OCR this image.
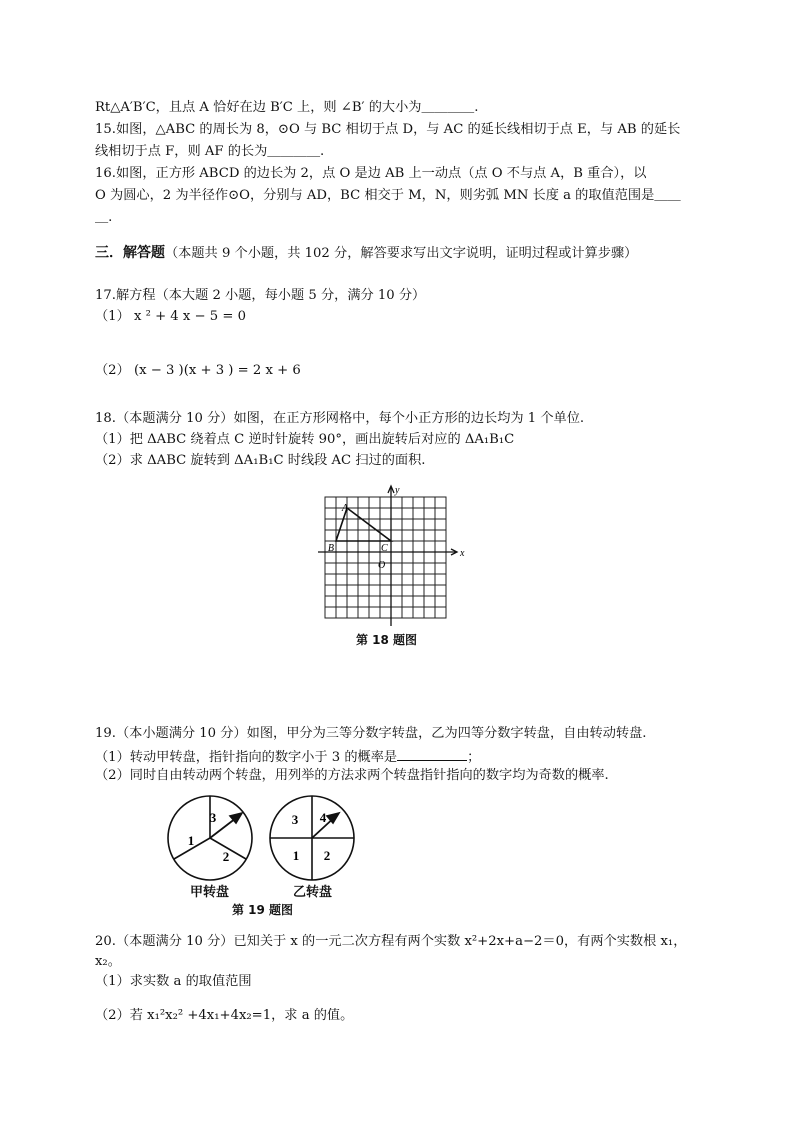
Rt△A′B′C，且点 A 恰好在边 B′C 上，则 ∠B′ 的大小为＿＿＿＿.
15.如图，△ABC 的周长为 8，⊙O 与 BC 相切于点 D，与 AC 的延长线相切于点 E，与 AB 的延长
线相切于点 F，则 AF 的长为＿＿＿＿.
16.如图，正方形 ABCD 的边长为 2，点 O 是边 AB 上一动点（点 O 不与点 A，B 重合），以
O 为圆心，2 为半径作⊙O，分别与 AD，BC 相交于 M，N，则劣弧 MN 长度 a 的取值范围是＿＿
＿.
三．解答题（本题共 9 个小题，共 102 分，解答要求写出文字说明，证明过程或计算步骤）
17.解方程（本大题 2 小题，每小题 5 分，满分 10 分）
（1） x ² + 4 x − 5 = 0
（2） (x − 3 )(x + 3 ) = 2 x + 6
18.（本题满分 10 分）如图，在正方形网格中，每个小正方形的边长均为 1 个单位.
（1）把 ΔABC 绕着点 C 逆时针旋转 90°，画出旋转后对应的 ΔA₁B₁C
（2）求 ΔABC 旋转到 ΔA₁B₁C 时线段 AC 扫过的面积.
A
B	C
O
x
y
第 18 题图
19.（本小题满分 10 分）如图，甲分为三等分数字转盘，乙为四等分数字转盘，自由转动转盘.
（1）转动甲转盘，指针指向的数字小于 3 的概率是	；
（2）同时自由转动两个转盘，用列举的方法求两个转盘指针指向的数字均为奇数的概率.
3
1
2
3 4
1 2
甲转盘	乙转盘
第 19 题图
20.（本题满分 10 分）已知关于 x 的一元二次方程有两个实数 x²+2x+a−2＝0，有两个实数根 x₁，
x₂。
（1）求实数 a 的取值范围
（2）若 x₁²x₂² +4x₁+4x₂=1，求 a 的值。
